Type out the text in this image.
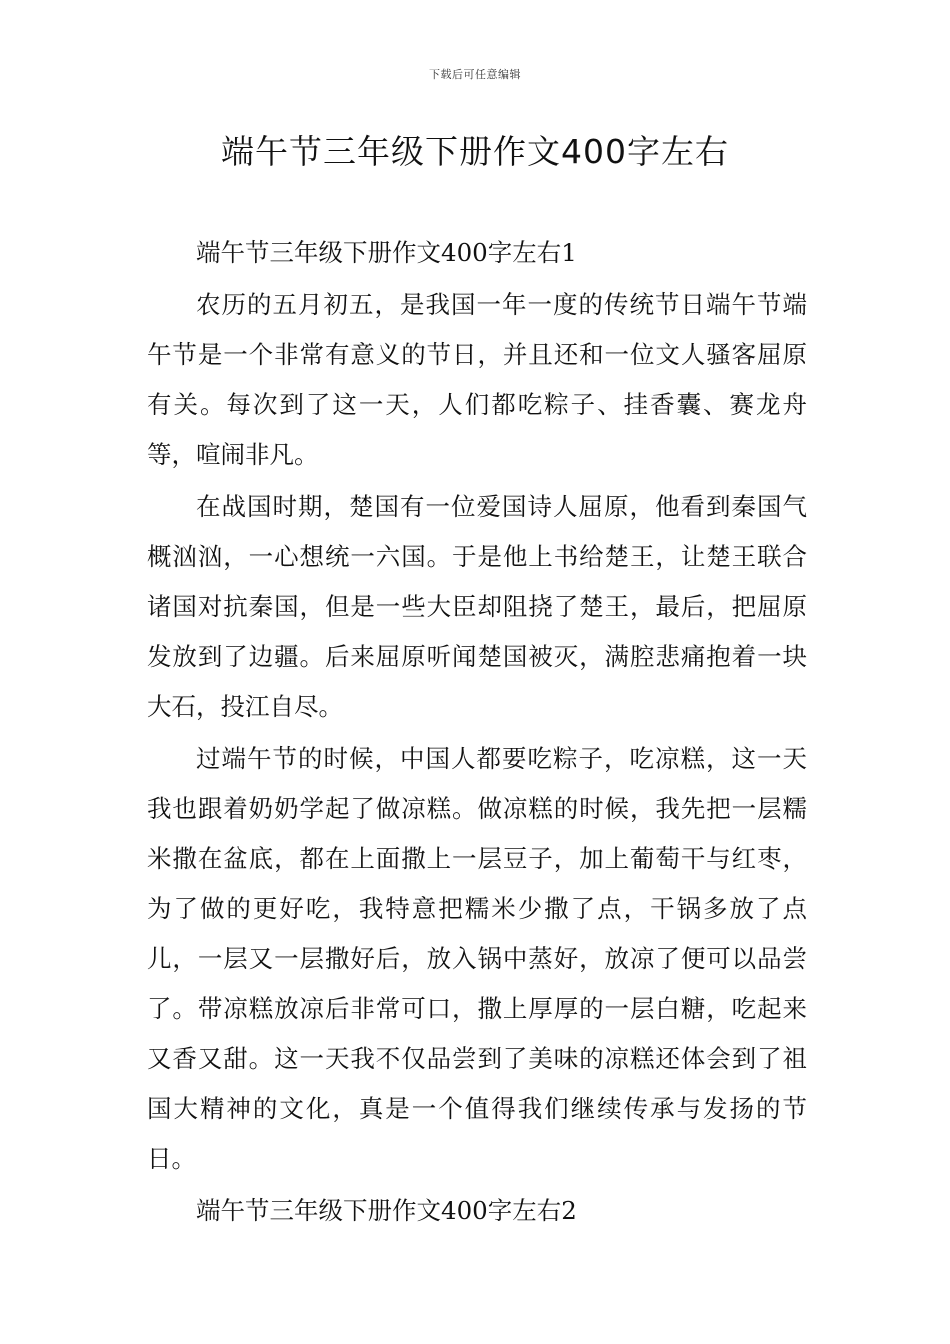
下载后可任意编辑
端午节三年级下册作文400字左右

端午节三年级下册作文400字左右1

农历的五月初五，是我国一年一度的传统节日端午节端午节是一个非常有意义的节日，并且还和一位文人骚客屈原有关。每次到了这一天，人们都吃粽子、挂香囊、赛龙舟等，喧闹非凡。

在战国时期，楚国有一位爱国诗人屈原，他看到秦国气概汹汹，一心想统一六国。于是他上书给楚王，让楚王联合诸国对抗秦国，但是一些大臣却阻挠了楚王，最后，把屈原发放到了边疆。后来屈原听闻楚国被灭，满腔悲痛抱着一块大石，投江自尽。

过端午节的时候，中国人都要吃粽子，吃凉糕，这一天我也跟着奶奶学起了做凉糕。做凉糕的时候，我先把一层糯米撒在盆底，都在上面撒上一层豆子，加上葡萄干与红枣，为了做的更好吃，我特意把糯米少撒了点，干锅多放了点儿，一层又一层撒好后，放入锅中蒸好，放凉了便可以品尝了。带凉糕放凉后非常可口，撒上厚厚的一层白糖，吃起来又香又甜。这一天我不仅品尝到了美味的凉糕还体会到了祖国大精神的文化，真是一个值得我们继续传承与发扬的节日。

端午节三年级下册作文400字左右2
